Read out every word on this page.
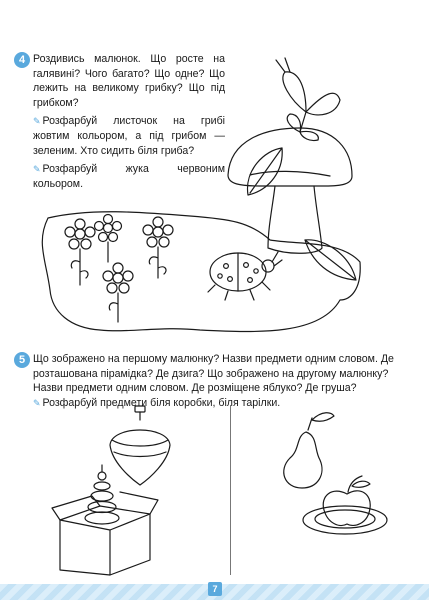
4 Роздивись малюнок. Що росте на галявині? Чого багато? Що одне? Що лежить на великому грибку? Що під грибком?

✎ Розфарбуй листочок на грибі жовтим кольором, а під грибом — зеленим. Хто сидить біля гриба?

✎ Розфарбуй жука червоним кольором.

5 Що зображено на першому малюнку? Назви предмети одним словом. Де розташована пірамідка? Де дзига? Що зображено на другому малюнку? Назви предмети одним словом. Де розміщене яблуко? Де груша? ✎ Розфарбуй предмети біля коробки, біля тарілки.
7
